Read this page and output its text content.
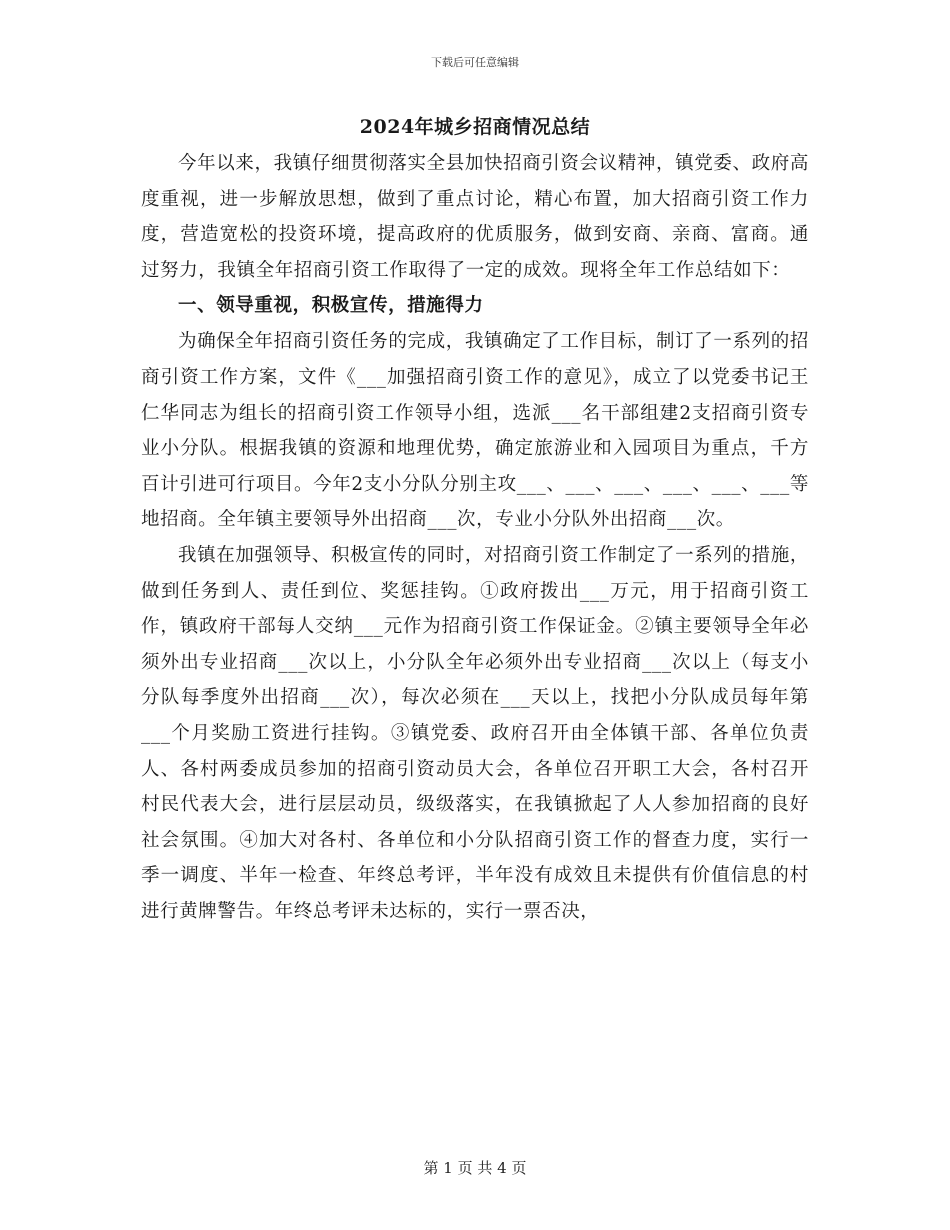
下载后可任意编辑
2024年城乡招商情况总结

今年以来，我镇仔细贯彻落实全县加快招商引资会议精神，镇党委、政府高度重视，进一步解放思想，做到了重点讨论，精心布置，加大招商引资工作力度，营造宽松的投资环境，提高政府的优质服务，做到安商、亲商、富商。通过努力，我镇全年招商引资工作取得了一定的成效。现将全年工作总结如下：

一、领导重视，积极宣传，措施得力

为确保全年招商引资任务的完成，我镇确定了工作目标，制订了一系列的招商引资工作方案，文件《___加强招商引资工作的意见》，成立了以党委书记王仁华同志为组长的招商引资工作领导小组，选派___名干部组建2支招商引资专业小分队。根据我镇的资源和地理优势，确定旅游业和入园项目为重点，千方百计引进可行项目。今年2支小分队分别主攻___、___、___、___、___、___等地招商。全年镇主要领导外出招商___次，专业小分队外出招商___次。

我镇在加强领导、积极宣传的同时，对招商引资工作制定了一系列的措施，做到任务到人、责任到位、奖惩挂钩。①政府拨出___万元，用于招商引资工作，镇政府干部每人交纳___元作为招商引资工作保证金。②镇主要领导全年必须外出专业招商___次以上，小分队全年必须外出专业招商___次以上（每支小分队每季度外出招商___次），每次必须在___天以上，找把小分队成员每年第___个月奖励工资进行挂钩。③镇党委、政府召开由全体镇干部、各单位负责人、各村两委成员参加的招商引资动员大会，各单位召开职工大会，各村召开村民代表大会，进行层层动员，级级落实，在我镇掀起了人人参加招商的良好社会氛围。④加大对各村、各单位和小分队招商引资工作的督查力度，实行一季一调度、半年一检查、年终总考评，半年没有成效且未提供有价值信息的村进行黄牌警告。年终总考评未达标的，实行一票否决，

第 1 页 共 4 页
